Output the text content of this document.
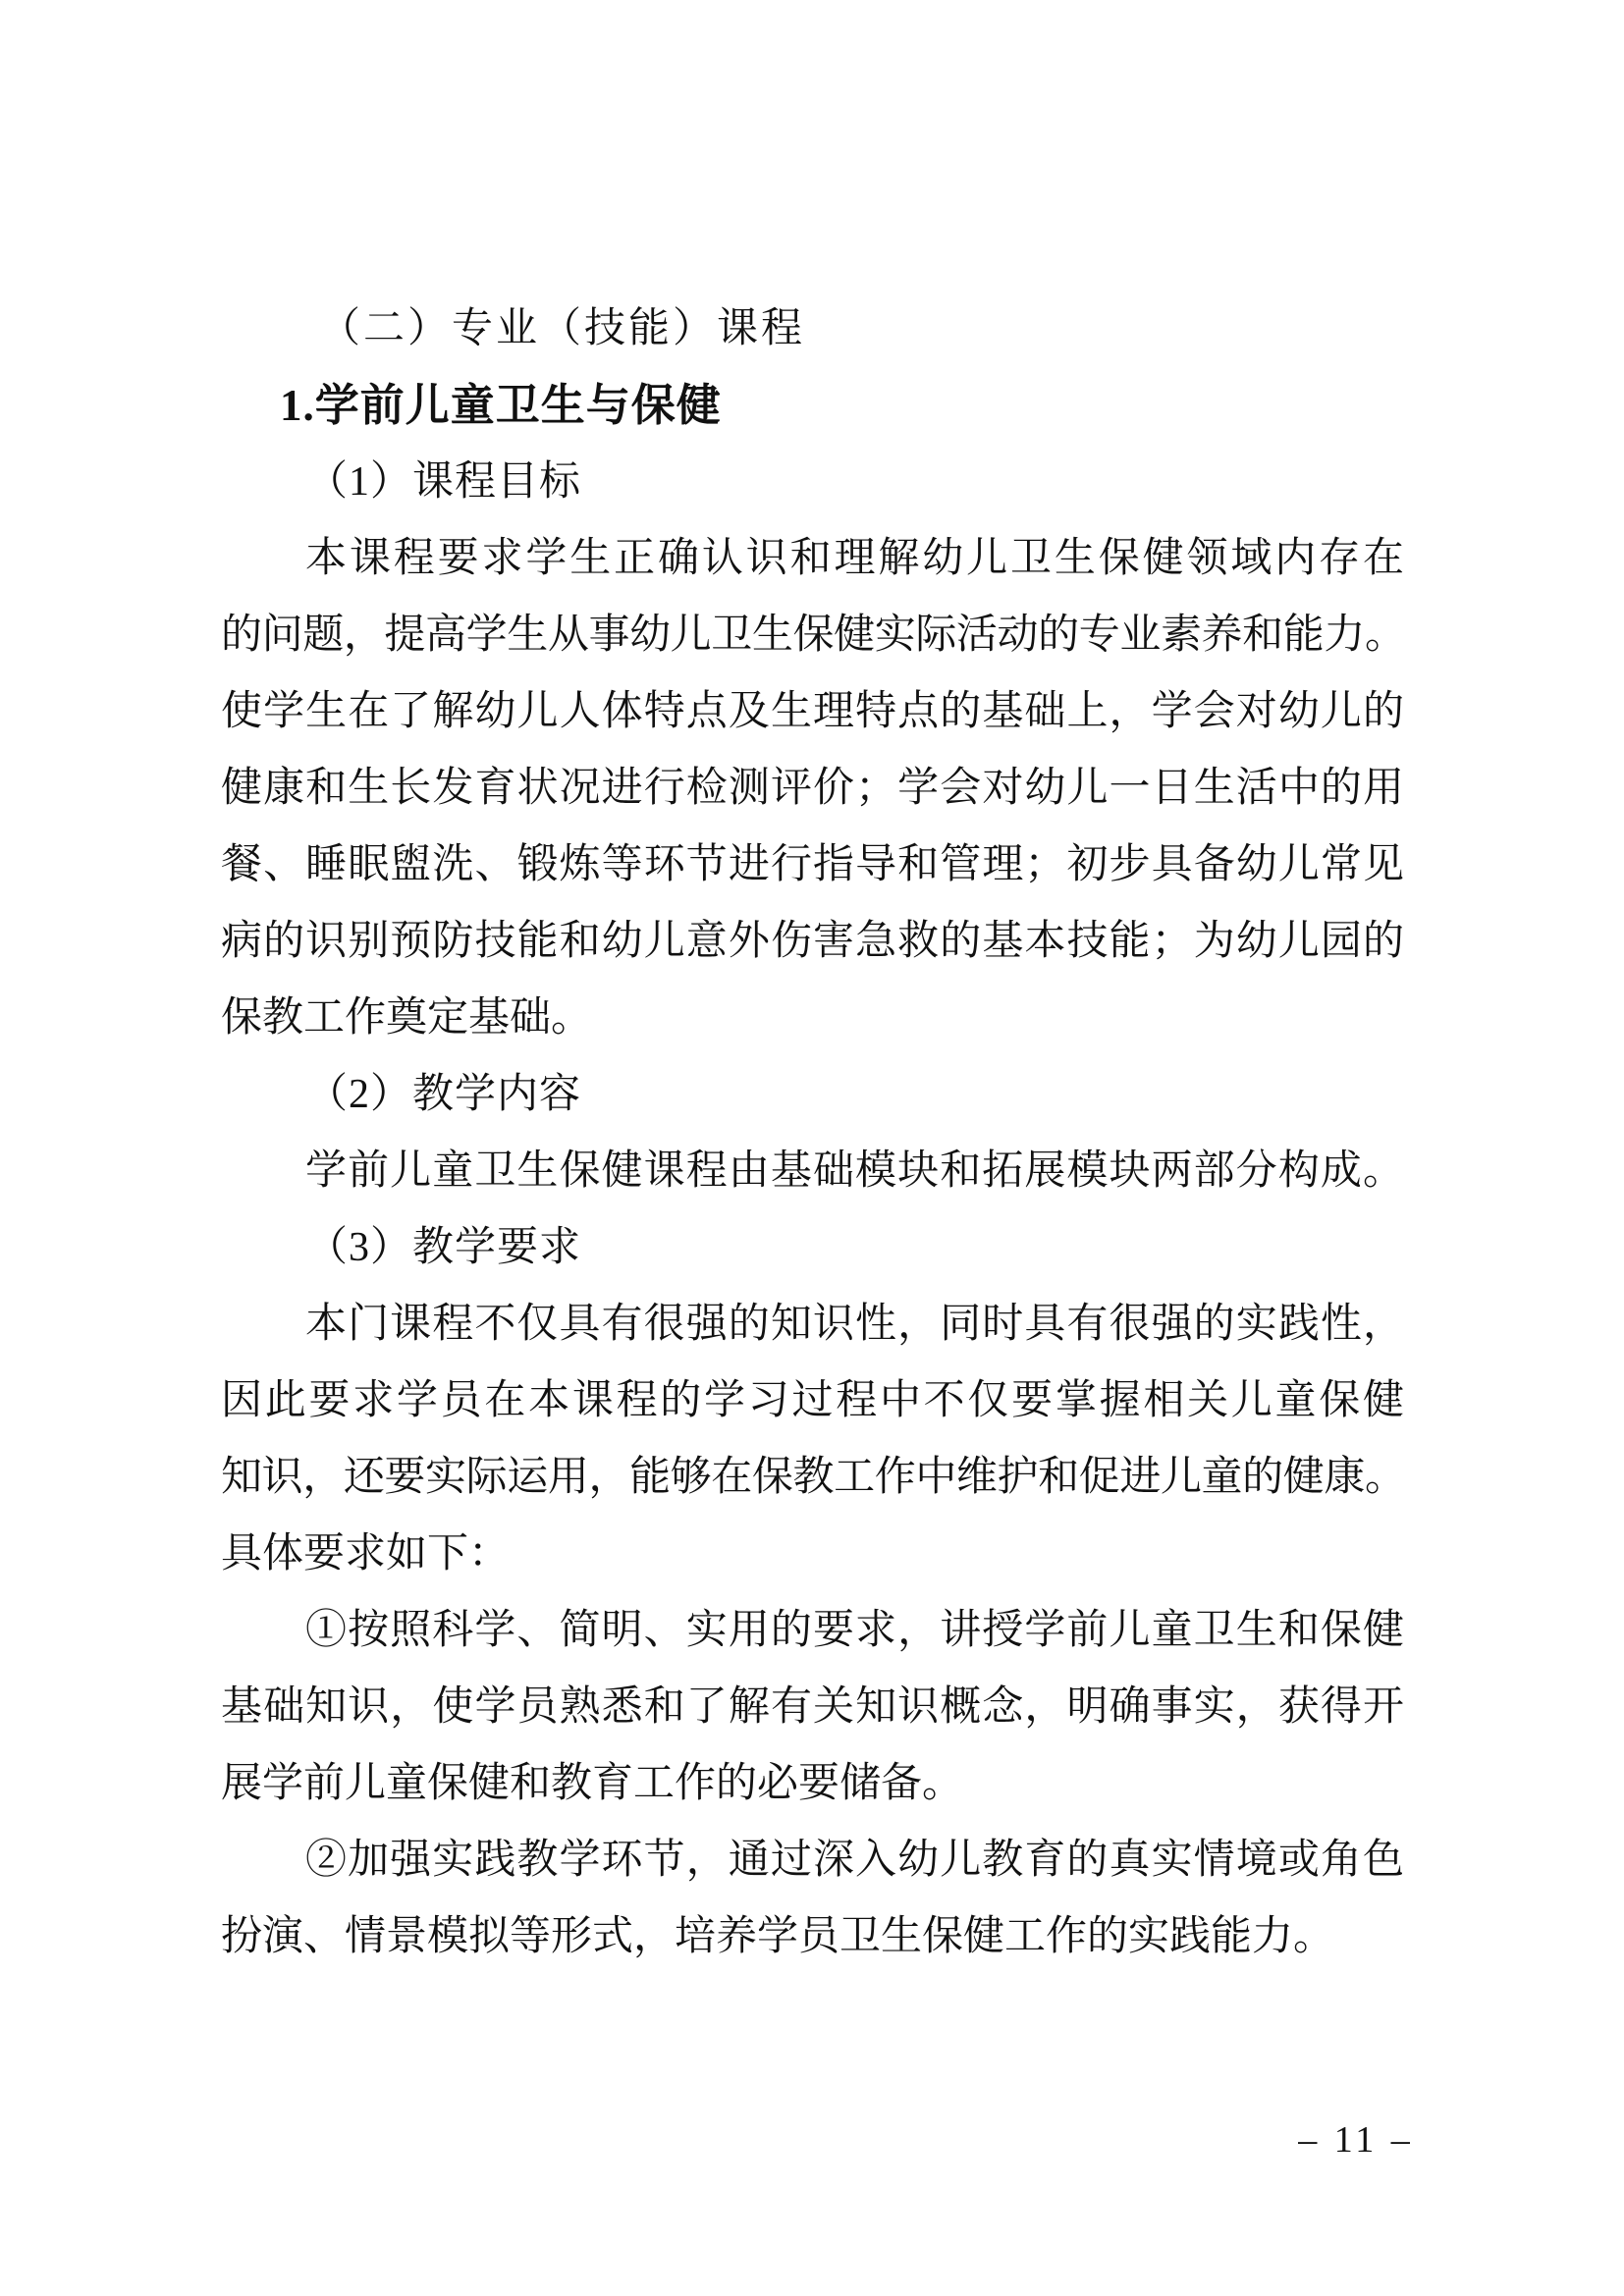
（二）专业（技能）课程
1.学前儿童卫生与保健
（1）课程目标
本课程要求学生正确认识和理解幼儿卫生保健领域内存在
的问题，提高学生从事幼儿卫生保健实际活动的专业素养和能力。
使学生在了解幼儿人体特点及生理特点的基础上，学会对幼儿的
健康和生长发育状况进行检测评价；学会对幼儿一日生活中的用
餐、睡眠盥洗、锻炼等环节进行指导和管理；初步具备幼儿常见
病的识别预防技能和幼儿意外伤害急救的基本技能；为幼儿园的
保教工作奠定基础。
（2）教学内容
学前儿童卫生保健课程由基础模块和拓展模块两部分构成。
（3）教学要求
本门课程不仅具有很强的知识性，同时具有很强的实践性，
因此要求学员在本课程的学习过程中不仅要掌握相关儿童保健
知识，还要实际运用，能够在保教工作中维护和促进儿童的健康。
具体要求如下：
①按照科学、简明、实用的要求，讲授学前儿童卫生和保健
基础知识，使学员熟悉和了解有关知识概念，明确事实，获得开
展学前儿童保健和教育工作的必要储备。
②加强实践教学环节，通过深入幼儿教育的真实情境或角色
扮演、情景模拟等形式，培养学员卫生保健工作的实践能力。
– 11 –
